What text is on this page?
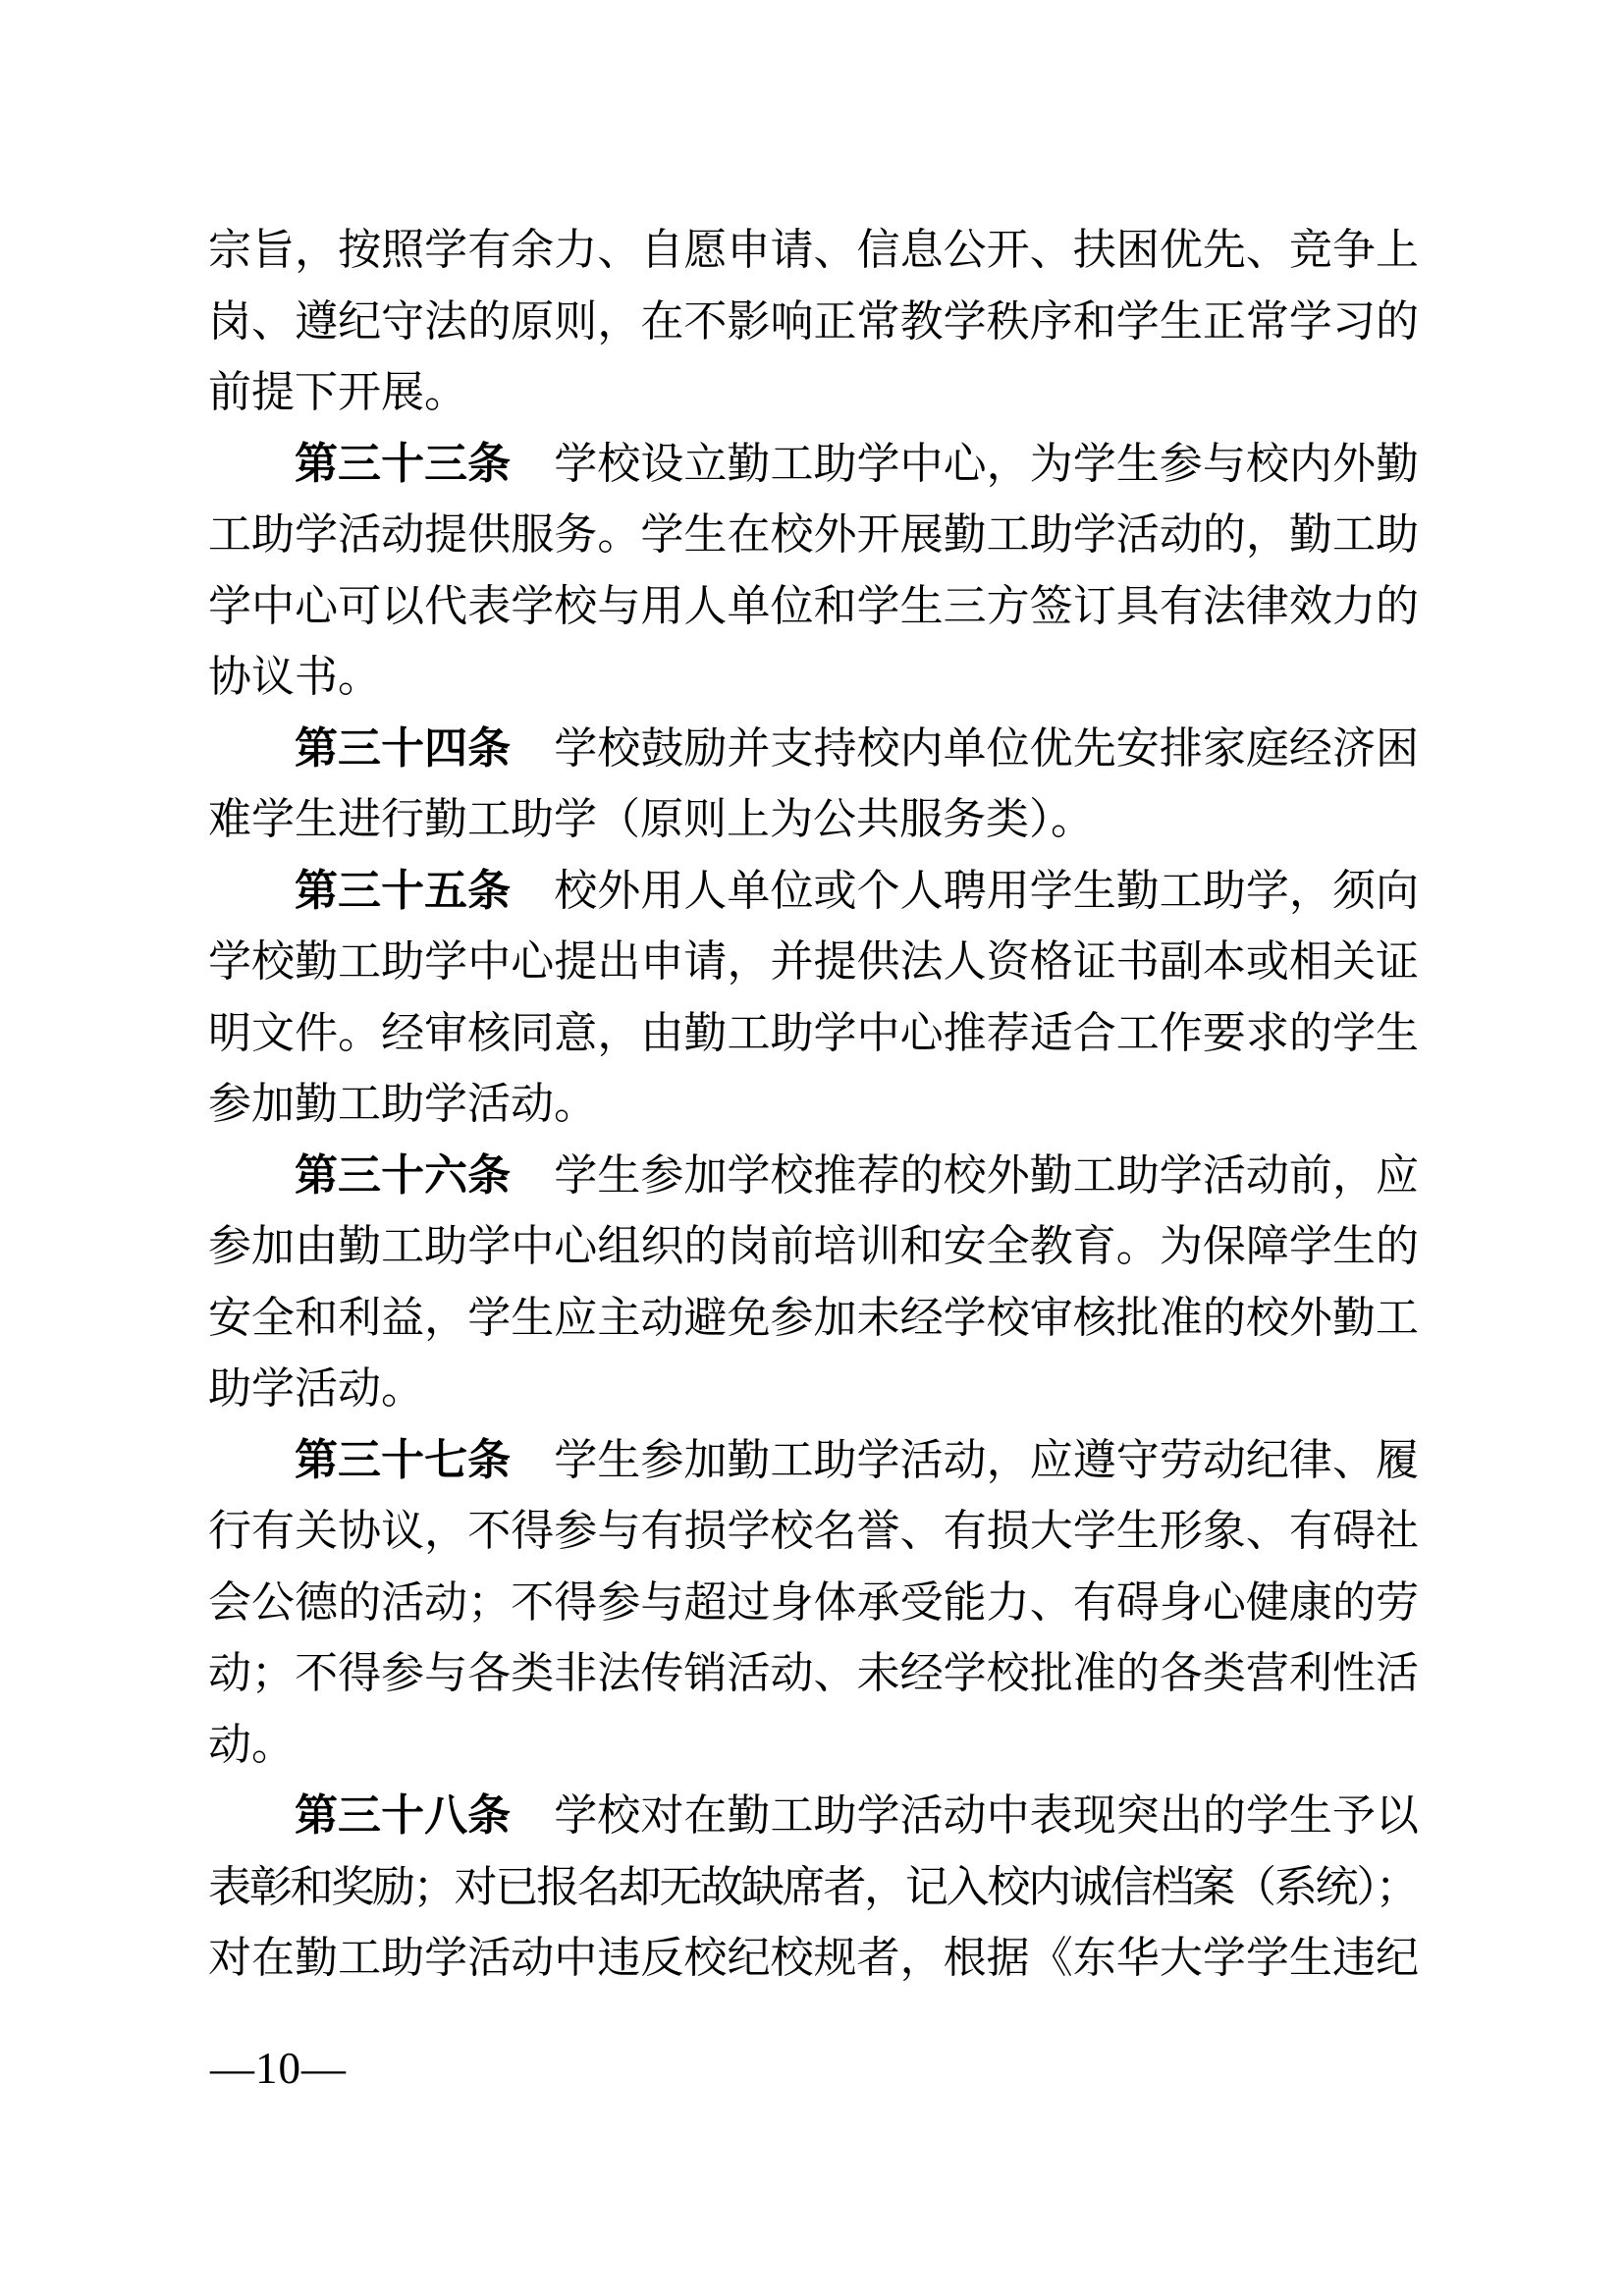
宗旨，按照学有余力、自愿申请、信息公开、扶困优先、竞争上
岗、遵纪守法的原则，在不影响正常教学秩序和学生正常学习的
前提下开展。
第三十三条　学校设立勤工助学中心，为学生参与校内外勤
工助学活动提供服务。学生在校外开展勤工助学活动的，勤工助
学中心可以代表学校与用人单位和学生三方签订具有法律效力的
协议书。
第三十四条　学校鼓励并支持校内单位优先安排家庭经济困
难学生进行勤工助学（原则上为公共服务类）。
第三十五条　校外用人单位或个人聘用学生勤工助学，须向
学校勤工助学中心提出申请，并提供法人资格证书副本或相关证
明文件。经审核同意，由勤工助学中心推荐适合工作要求的学生
参加勤工助学活动。
第三十六条　学生参加学校推荐的校外勤工助学活动前，应
参加由勤工助学中心组织的岗前培训和安全教育。为保障学生的
安全和利益，学生应主动避免参加未经学校审核批准的校外勤工
助学活动。
第三十七条　学生参加勤工助学活动，应遵守劳动纪律、履
行有关协议，不得参与有损学校名誉、有损大学生形象、有碍社
会公德的活动；不得参与超过身体承受能力、有碍身心健康的劳
动；不得参与各类非法传销活动、未经学校批准的各类营利性活
动。
第三十八条　学校对在勤工助学活动中表现突出的学生予以
表彰和奖励；对已报名却无故缺席者，记入校内诚信档案（系统）；
对在勤工助学活动中违反校纪校规者，根据《东华大学学生违纪
—10—
